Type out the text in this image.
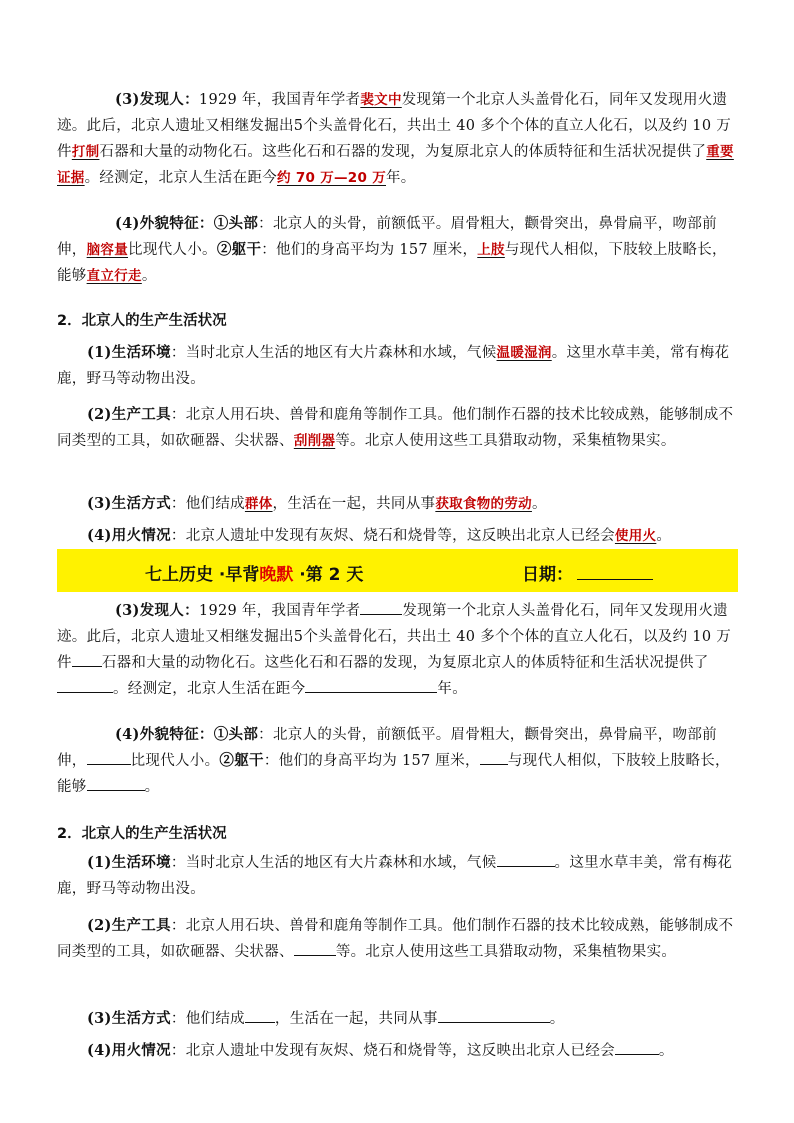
(3)发现人：1929 年，我国青年学者裴文中发现第一个北京人头盖骨化石，同年又发现用火遗迹。此后，北京人遗址又相继发掘出5个头盖骨化石，共出土 40 多个个体的直立人化石，以及约 10 万件打制石器和大量的动物化石。这些化石和石器的发现，为复原北京人的体质特征和生活状况提供了重要证据。经测定，北京人生活在距今约 70 万—20 万年。
(4)外貌特征：①头部：北京人的头骨，前额低平。眉骨粗大，颧骨突出，鼻骨扁平，吻部前伸，脑容量比现代人小。②躯干：他们的身高平均为 157 厘米，上肢与现代人相似，下肢较上肢略长，能够直立行走。
2．北京人的生产生活状况
(1)生活环境：当时北京人生活的地区有大片森林和水域，气候温暖湿润。这里水草丰美，常有梅花鹿，野马等动物出没。
(2)生产工具：北京人用石块、兽骨和鹿角等制作工具。他们制作石器的技术比较成熟，能够制成不同类型的工具，如砍砸器、尖状器、刮削器等。北京人使用这些工具猎取动物，采集植物果实。
(3)生活方式：他们结成群体，生活在一起，共同从事获取食物的劳动。
(4)用火情况：北京人遗址中发现有灰烬、烧石和烧骨等，这反映出北京人已经会使用火。
七上历史 ·早背晚默 ·第 2 天	日期：
(3)发现人：1929 年，我国青年学者	发现第一个北京人头盖骨化石，同年又发现用火遗迹。此后，北京人遗址又相继发掘出5个头盖骨化石，共出土 40 多个个体的直立人化石，以及约 10 万件 石器和大量的动物化石。这些化石和石器的发现，为复原北京人的体质特征和生活状况提供了。经测定，北京人生活在距今	年。
(4)外貌特征：①头部：北京人的头骨，前额低平。眉骨粗大，颧骨突出，鼻骨扁平，吻部前伸，	比现代人小。②躯干：他们的身高平均为 157 厘米， 与现代人相似，下肢较上肢略长，能够	。
2．北京人的生产生活状况
(1)生活环境：当时北京人生活的地区有大片森林和水域，气候	。这里水草丰美，常有梅花鹿，野马等动物出没。
(2)生产工具：北京人用石块、兽骨和鹿角等制作工具。他们制作石器的技术比较成熟，能够制成不同类型的工具，如砍砸器、尖状器、	等。北京人使用这些工具猎取动物，采集植物果实。
(3)生活方式：他们结成 ，生活在一起，共同从事	。
(4)用火情况：北京人遗址中发现有灰烬、烧石和烧骨等，这反映出北京人已经会	。
